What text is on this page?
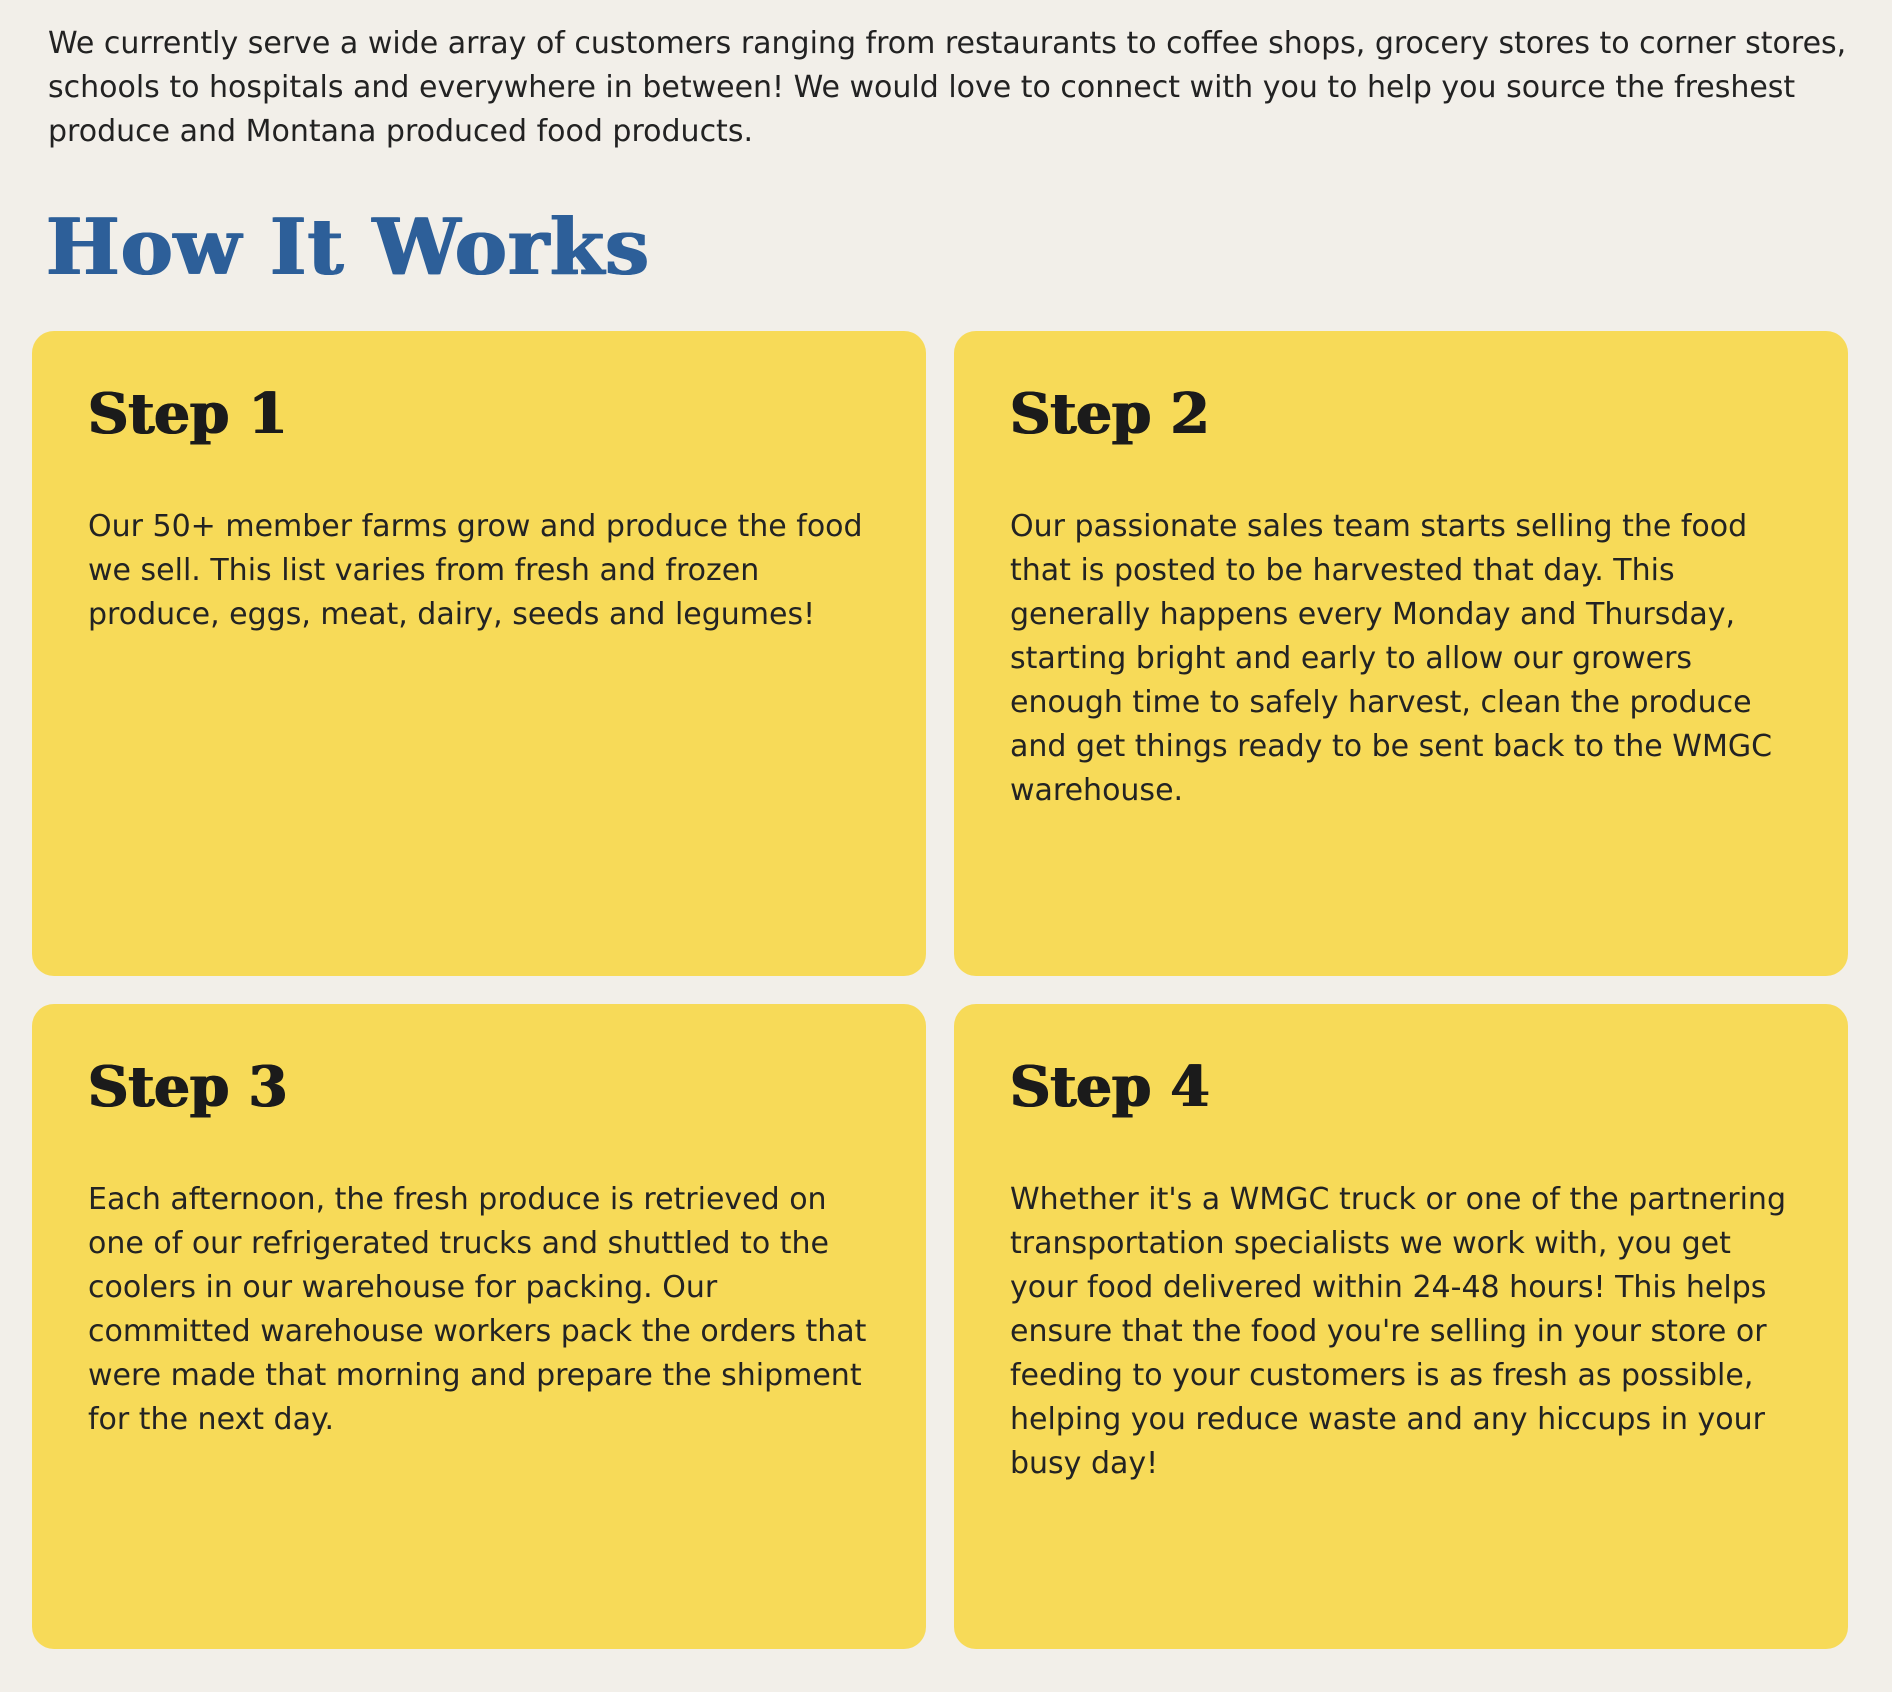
We currently serve a wide array of customers ranging from restaurants to coffee shops, grocery stores to corner stores, schools to hospitals and everywhere in between! We would love to connect with you to help you source the freshest produce and Montana produced food products.

How It Works
Step 1

Our 50+ member farms grow and produce the food we sell. This list varies from fresh and frozen produce, eggs, meat, dairy, seeds and legumes!

Step 2

Our passionate sales team starts selling the food that is posted to be harvested that day. This generally happens every Monday and Thursday, starting bright and early to allow our growers enough time to safely harvest, clean the produce and get things ready to be sent back to the WMGC warehouse.

Step 3

Each afternoon, the fresh produce is retrieved on one of our refrigerated trucks and shuttled to the coolers in our warehouse for packing. Our committed warehouse workers pack the orders that were made that morning and prepare the shipment for the next day.

Step 4

Whether it's a WMGC truck or one of the partnering transportation specialists we work with, you get your food delivered within 24-48 hours! This helps ensure that the food you're selling in your store or feeding to your customers is as fresh as possible, helping you reduce waste and any hiccups in your busy day!
